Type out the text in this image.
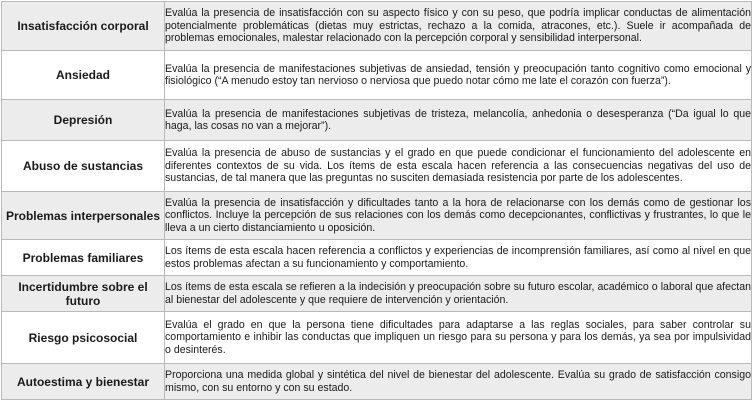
Insatisfacción corporal	Evalúa la presencia de insatisfacción con su aspecto físico y con su peso, que podría implicar conductas de alimentación potencialmente problemáticas (dietas muy estrictas, rechazo a la comida, atracones, etc.). Suele ir acompañada de problemas emocionales, malestar relacionado con la percepción corporal y sensibilidad interpersonal.
Ansiedad	Evalúa la presencia de manifestaciones subjetivas de ansiedad, tensión y preocupación tanto cognitivo como emocional y fisiológico (“A menudo estoy tan nervioso o nerviosa que puedo notar cómo me late el corazón con fuerza”).
Depresión	Evalúa la presencia de manifestaciones subjetivas de tristeza, melancolía, anhedonia o desesperanza (“Da igual lo que haga, las cosas no van a mejorar”).
Abuso de sustancias	Evalúa la presencia de abuso de sustancias y el grado en que puede condicionar el funcionamiento del adolescente en diferentes contextos de su vida. Los ítems de esta escala hacen referencia a las consecuencias negativas del uso de sustancias, de tal manera que las preguntas no susciten demasiada resistencia por parte de los adolescentes.
Problemas interpersonales	Evalúa la presencia de insatisfacción y dificultades tanto a la hora de relacionarse con los demás como de gestionar los conflictos. Incluye la percepción de sus relaciones con los demás como decepcionantes, conflictivas y frustrantes, lo que le lleva a un cierto distanciamiento u oposición.
Problemas familiares	Los ítems de esta escala hacen referencia a conflictos y experiencias de incomprensión familiares, así como al nivel en que estos problemas afectan a su funcionamiento y comportamiento.
Incertidumbre sobre el futuro	Los ítems de esta escala se refieren a la indecisión y preocupación sobre su futuro escolar, académico o laboral que afectan al bienestar del adolescente y que requiere de intervención y orientación.
Riesgo psicosocial	Evalúa el grado en que la persona tiene dificultades para adaptarse a las reglas sociales, para saber controlar su comportamiento e inhibir las conductas que impliquen un riesgo para su persona y para los demás, ya sea por impulsividad o desinterés.
Autoestima y bienestar	Proporciona una medida global y sintética del nivel de bienestar del adolescente. Evalúa su grado de satisfacción consigo mismo, con su entorno y con su estado.
